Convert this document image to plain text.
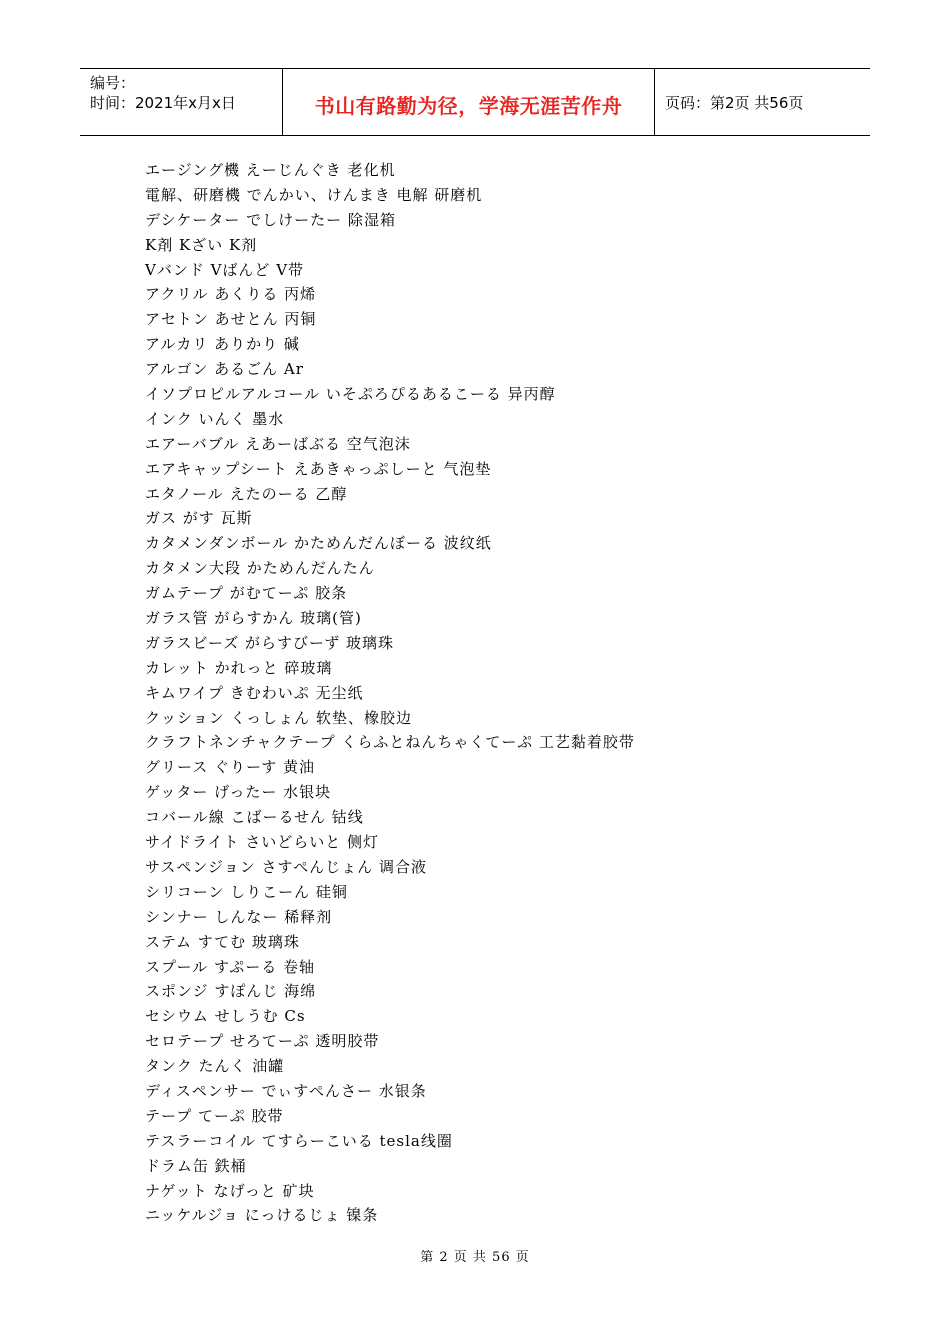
编号：
时间：2021年x月x日	书山有路勤为径，学海无涯苦作舟	页码：第2页 共56页
エージング機 えーじんぐき 老化机
電解、研磨機 でんかい、けんまき 电解 研磨机
デシケーター でしけーたー 除湿箱
K剤 Kざい K剂
Vバンド Vばんど V带
アクリル あくりる 丙烯
アセトン あせとん 丙铜
アルカリ ありかり 碱
アルゴン あるごん Ar
イソプロピルアルコール いそぷろぴるあるこーる 异丙醇
インク いんく 墨水
エアーバブル えあーばぶる 空气泡沫
エアキャップシート えあきゃっぷしーと 气泡垫
エタノール えたのーる 乙醇
ガス がす 瓦斯
カタメンダンボール かためんだんぼーる 波纹纸
カタメン大段 かためんだんたん
ガムテープ がむてーぷ 胶条
ガラス管 がらすかん 玻璃(管)
ガラスビーズ がらすびーず 玻璃珠
カレット かれっと 碎玻璃
キムワイプ きむわいぷ 无尘纸
クッション くっしょん 软垫、橡胶边
クラフトネンチャクテープ くらふとねんちゃくてーぷ 工艺黏着胶带
グリース ぐりーす 黄油
ゲッター げったー 水银块
コバール線 こばーるせん 钴线
サイドライト さいどらいと 侧灯
サスペンジョン さすぺんじょん 调合液
シリコーン しりこーん 硅铜
シンナー しんなー 稀释剂
ステム すてむ 玻璃珠
スプール すぷーる 卷轴
スポンジ すぽんじ 海绵
セシウム せしうむ Cs
セロテープ せろてーぷ 透明胶带
タンク たんく 油罐
ディスペンサー でぃすぺんさー 水银条
テープ てーぷ 胶带
テスラーコイル てすらーこいる tesla线圈
ドラム缶 鉄桶
ナゲット なげっと 矿块
ニッケルジョ にっけるじょ 镍条
第 2 页 共 56 页
